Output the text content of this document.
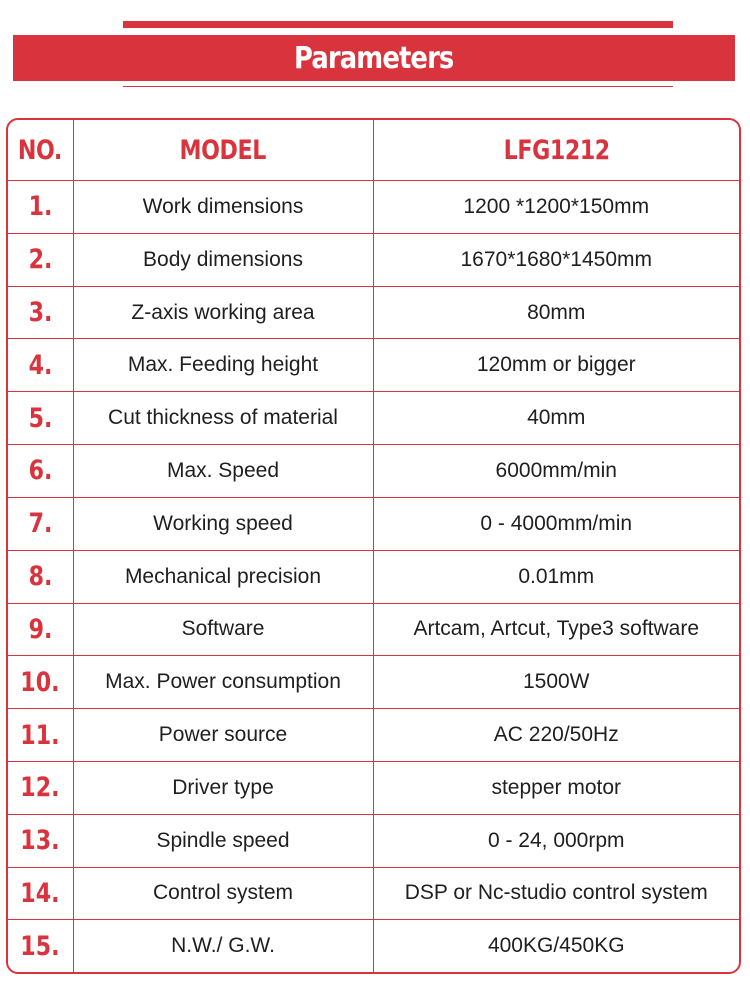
Parameters
NO.	MODEL	LFG1212
1.	Work dimensions	1200 *1200*150mm
2.	Body dimensions	1670*1680*1450mm
3.	Z-axis working area	80mm
4.	Max. Feeding height	120mm or bigger
5.	Cut thickness of material	40mm
6.	Max. Speed	6000mm/min
7.	Working speed	0 - 4000mm/min
8.	Mechanical precision	0.01mm
9.	Software	Artcam, Artcut, Type3 software
10.	Max. Power consumption	1500W
11.	Power source	AC 220/50Hz
12.	Driver type	stepper motor
13.	Spindle speed	0 - 24, 000rpm
14.	Control system	DSP or Nc-studio control system
15.	N.W./ G.W.	400KG/450KG
